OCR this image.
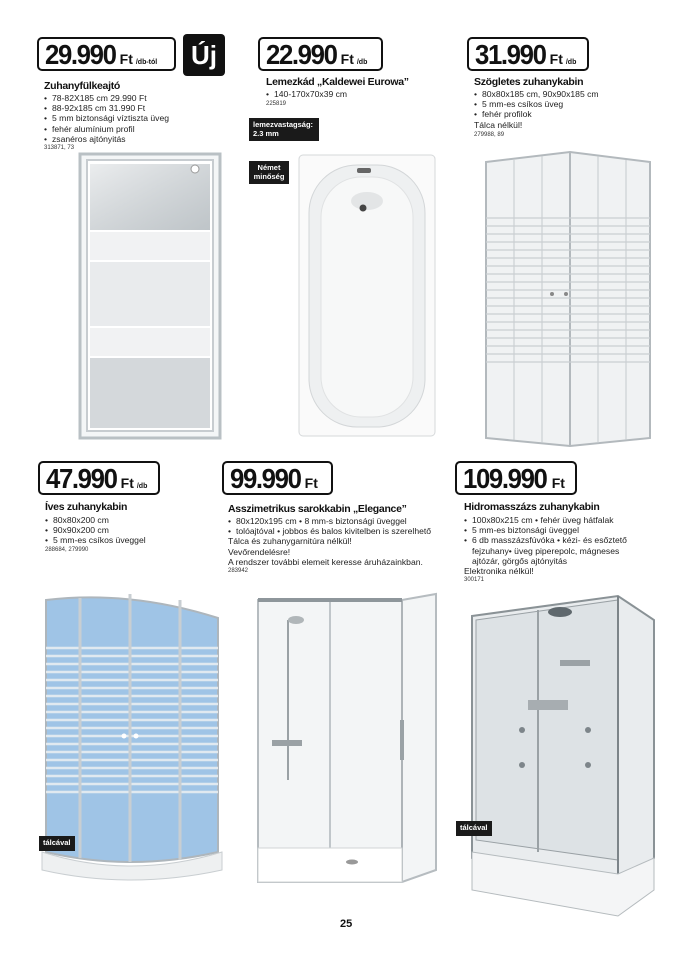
29.990 Ft /db-tól	Új
Zuhanyfülkeajtó
• 78-82X185 cm 29.990 Ft
• 88-92x185 cm 31.990 Ft
• 5 mm biztonsági víztiszta üveg
• fehér alumínium profil
• zsanéros ajtónyitás
313871, 73
22.990 Ft /db
Lemezkád „Kaldewei Eurowa”
• 140-170x70x39 cm
225819
lemezvastagság: 2.3 mm
Német minőség
31.990 Ft /db
Szögletes zuhanykabin
• 80x80x185 cm, 90x90x185 cm
• 5 mm-es csíkos üveg
• fehér profilok
Tálca nélkül!
279988, 89
47.990 Ft /db
Íves zuhanykabin
• 80x80x200 cm
• 90x90x200 cm
• 5 mm-es csíkos üveggel
288684, 279990
tálcával
99.990 Ft
Asszimetrikus sarokkabin „Elegance”
• 80x120x195 cm • 8 mm-s biztonsági üveggel
• tolóajtóval • jobbos és balos kivitelben is szerelhető
Tálca és zuhanygarnitúra nélkül!
Vevőrendelésre!
A rendszer további elemeit keresse áruházainkban.
283942
109.990 Ft
Hidromasszázs zuhanykabin
• 100x80x215 cm • fehér üveg hátfalak
• 5 mm-es biztonsági üveggel
• 6 db masszázsfúvóka • kézi- és esőztető fejzuhany• üveg piperepolc, mágneses ajtózár, görgős ajtónyitás
Elektronika nélkül!
300171
tálcával
25
